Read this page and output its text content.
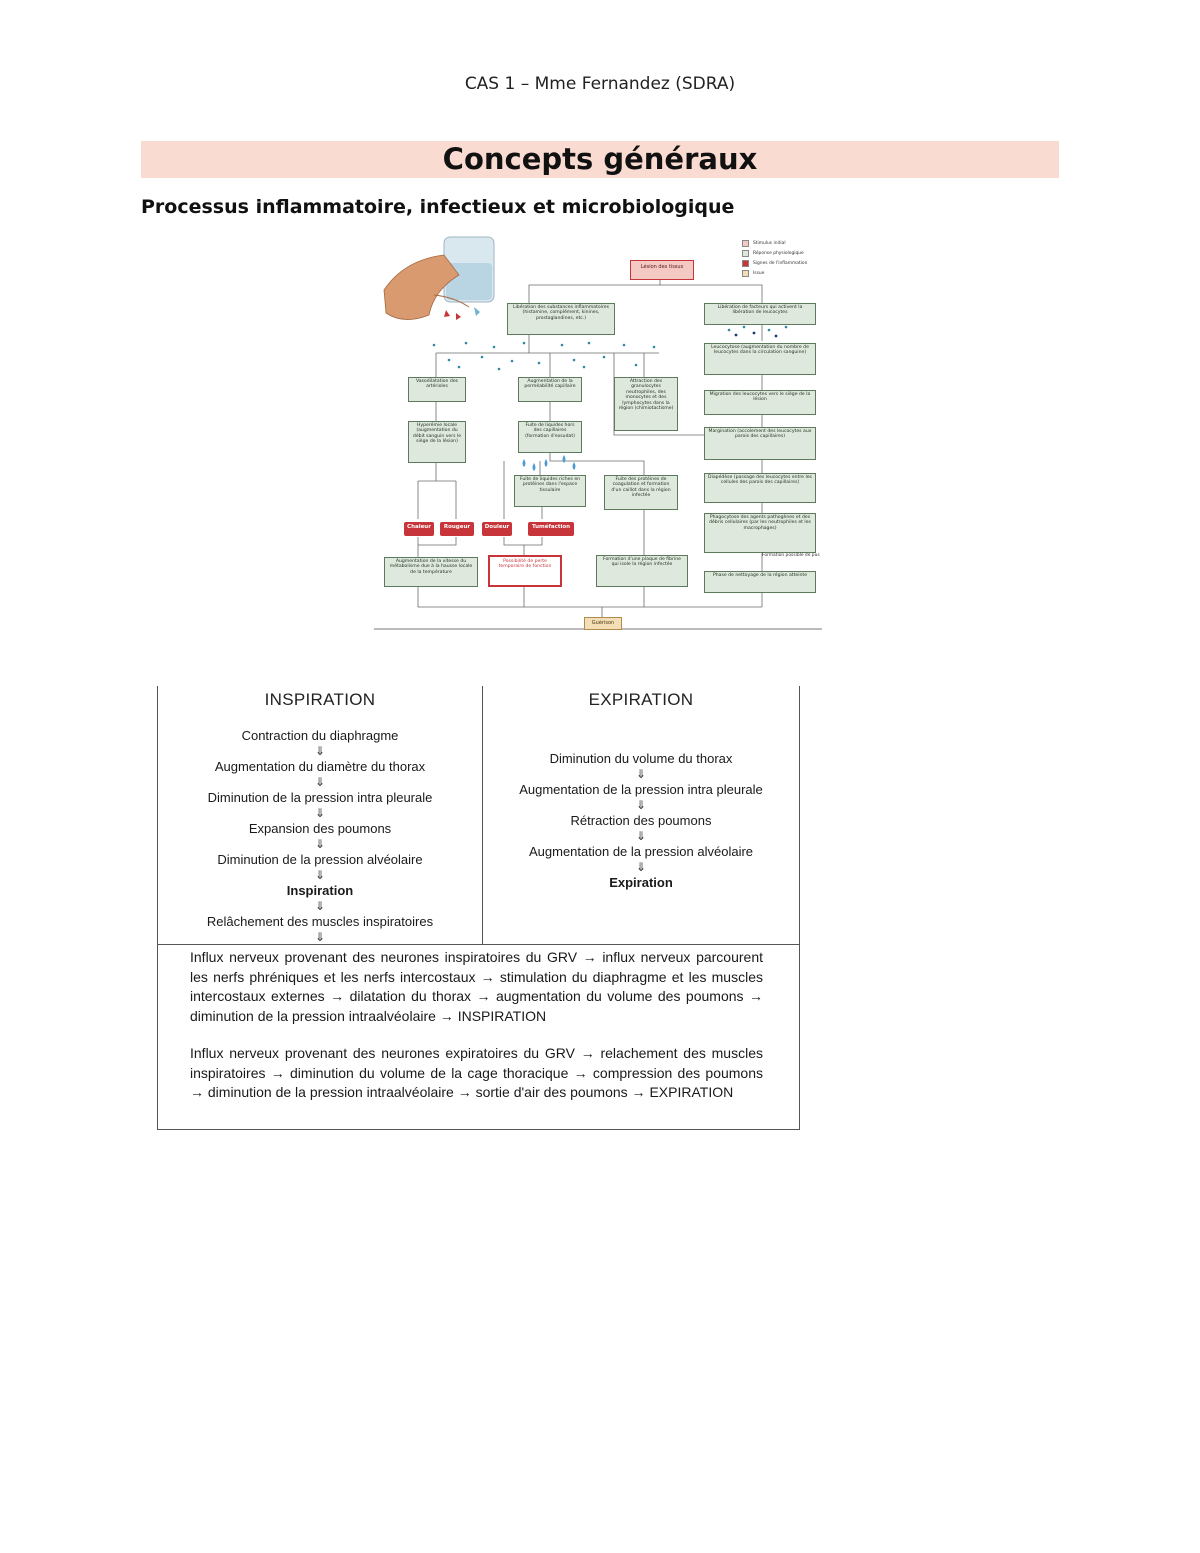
CAS 1 – Mme Fernandez (SDRA)
Concepts généraux
Processus inflammatoire, infectieux et microbiologique
Stimulus initial
Réponse physiologique
Signes de l'inflammation
Issue
Lésion des tissus
Libération des substances inflammatoires (histamine, complément, kinines, prostaglandines, etc.)
Libération de facteurs qui activent la libération de leucocytes
Leucocytose (augmentation du nombre de leucocytes dans la circulation sanguine)
Migration des leucocytes vers le siège de la lésion
Margination (accolement des leucocytes aux parois des capillaires)
Diapédèse (passage des leucocytes entre les cellules des parois des capillaires)
Phagocytose des agents pathogènes et des débris cellulaires (par les neutrophiles et les macrophages)
Formation possible de pus
Phase de nettoyage de la région atteinte
Vasodilatation des artérioles
Augmentation de la perméabilité capillaire
Attraction des granulocytes neutrophiles, des monocytes et des lymphocytes dans la région (chimiotactisme)
Hyperémie locale (augmentation du débit sanguin vers le siège de la lésion)
Fuite de liquides hors des capillaires (formation d'exsudat)
Fuite de liquides riches en protéines dans l'espace tissulaire
Fuite des protéines de coagulation et formation d'un caillot dans la région infectée
Chaleur	Rougeur	Douleur	Tuméfaction
Augmentation de la vitesse du métabolisme due à la hausse locale de la température
Possibilité de perte temporaire de fonction
Formation d'une plaque de fibrine qui isole la région infectée
Guérison
INSPIRATION
Contraction du diaphragme
⇓
Augmentation du diamètre du thorax
⇓
Diminution de la pression intra pleurale
⇓
Expansion des poumons
⇓
Diminution de la pression alvéolaire
⇓
Inspiration
⇓
Relâchement des muscles inspiratoires
⇓
EXPIRATION
Diminution du volume du thorax
⇓
Augmentation de la pression intra pleurale
⇓
Rétraction des poumons
⇓
Augmentation de la pression alvéolaire
⇓
Expiration
Influx nerveux provenant des neurones inspiratoires du GRV → influx nerveux parcourent les nerfs phréniques et les nerfs intercostaux → stimulation du diaphragme et les muscles intercostaux externes → dilatation du thorax → augmentation du volume des poumons → diminution de la pression intraalvéolaire → INSPIRATION
Influx nerveux provenant des neurones expiratoires du GRV → relachement des muscles inspiratoires → diminution du volume de la cage thoracique → compression des poumons → diminution de la pression intraalvéolaire → sortie d'air des poumons → EXPIRATION
